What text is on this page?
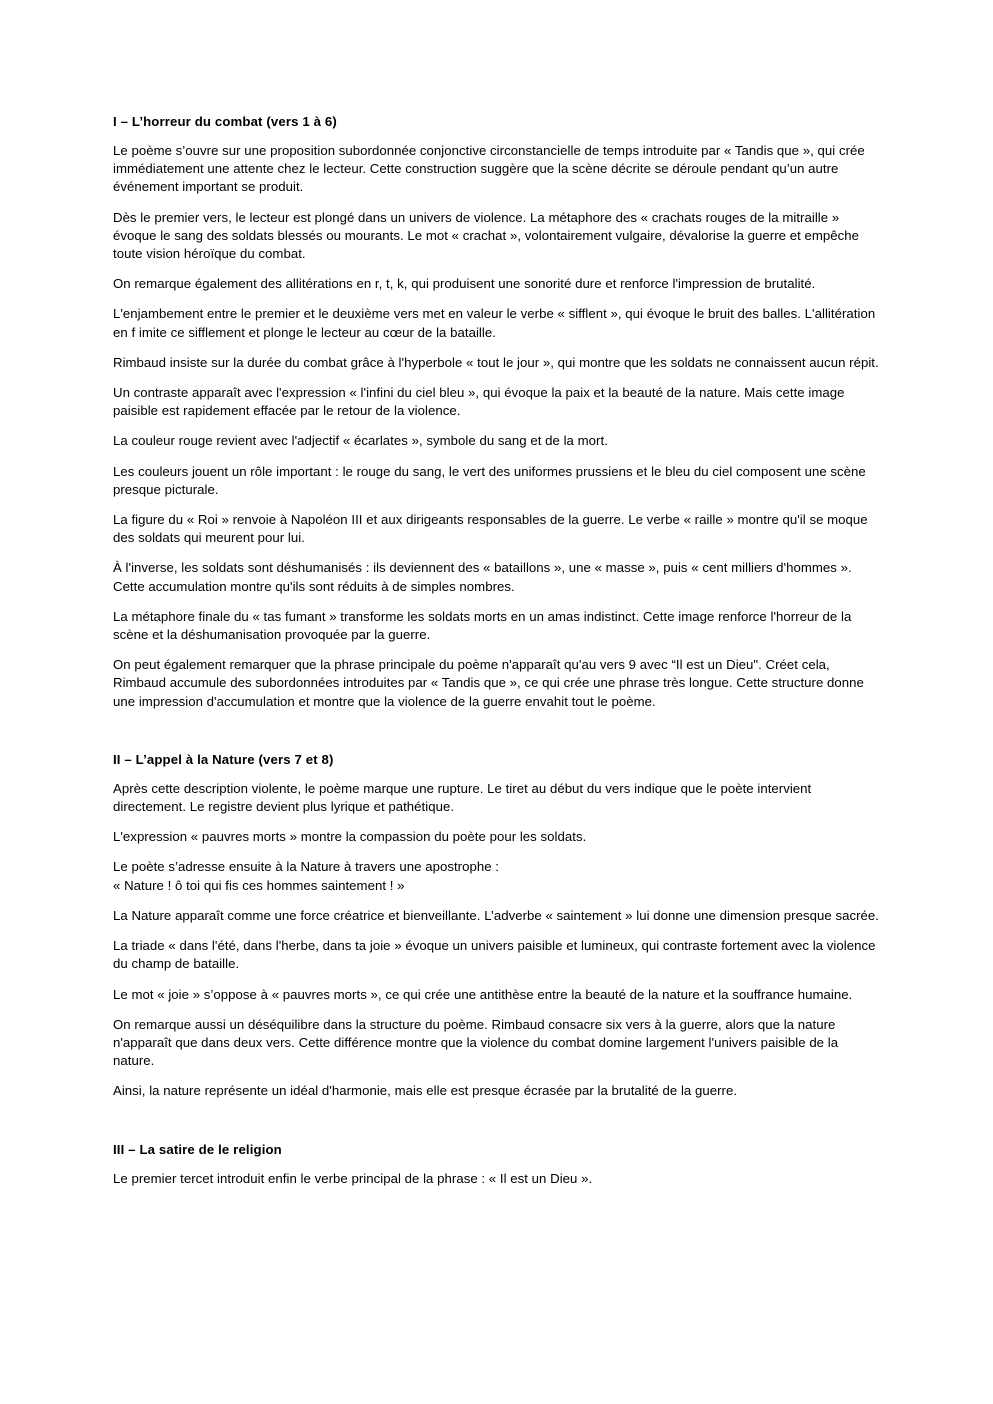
I – L’horreur du combat (vers 1 à 6)

Le poème s’ouvre sur une proposition subordonnée conjonctive circonstancielle de temps introduite par « Tandis que », qui crée immédiatement une attente chez le lecteur. Cette construction suggère que la scène décrite se déroule pendant qu’un autre événement important se produit.

Dès le premier vers, le lecteur est plongé dans un univers de violence. La métaphore des « crachats rouges de la mitraille » évoque le sang des soldats blessés ou mourants. Le mot « crachat », volontairement vulgaire, dévalorise la guerre et empêche toute vision héroïque du combat.

On remarque également des allitérations en r, t, k, qui produisent une sonorité dure et renforce l'impression de brutalité.

L'enjambement entre le premier et le deuxième vers met en valeur le verbe « sifflent », qui évoque le bruit des balles. L'allitération en f imite ce sifflement et plonge le lecteur au cœur de la bataille.

Rimbaud insiste sur la durée du combat grâce à l'hyperbole « tout le jour », qui montre que les soldats ne connaissent aucun répit.

Un contraste apparaît avec l'expression « l'infini du ciel bleu », qui évoque la paix et la beauté de la nature. Mais cette image paisible est rapidement effacée par le retour de la violence.

La couleur rouge revient avec l'adjectif « écarlates », symbole du sang et de la mort.

Les couleurs jouent un rôle important : le rouge du sang, le vert des uniformes prussiens et le bleu du ciel composent une scène presque picturale.

La figure du « Roi » renvoie à Napoléon III et aux dirigeants responsables de la guerre. Le verbe « raille » montre qu'il se moque des soldats qui meurent pour lui.

À l'inverse, les soldats sont déshumanisés : ils deviennent des « bataillons », une « masse », puis « cent milliers d'hommes ». Cette accumulation montre qu'ils sont réduits à de simples nombres.

La métaphore finale du « tas fumant » transforme les soldats morts en un amas indistinct. Cette image renforce l'horreur de la scène et la déshumanisation provoquée par la guerre.

On peut également remarquer que la phrase principale du poème n'apparaît qu'au vers 9 avec “Il est un Dieu". Créet cela, Rimbaud accumule des subordonnées introduites par « Tandis que », ce qui crée une phrase très longue. Cette structure donne une impression d'accumulation et montre que la violence de la guerre envahit tout le poème.

II – L’appel à la Nature (vers 7 et 8)

Après cette description violente, le poème marque une rupture. Le tiret au début du vers indique que le poète intervient directement. Le registre devient plus lyrique et pathétique.

L'expression « pauvres morts » montre la compassion du poète pour les soldats.

Le poète s’adresse ensuite à la Nature à travers une apostrophe :
« Nature ! ô toi qui fis ces hommes saintement ! »

La Nature apparaît comme une force créatrice et bienveillante. L’adverbe « saintement » lui donne une dimension presque sacrée.

La triade « dans l'été, dans l'herbe, dans ta joie » évoque un univers paisible et lumineux, qui contraste fortement avec la violence du champ de bataille.

Le mot « joie » s’oppose à « pauvres morts », ce qui crée une antithèse entre la beauté de la nature et la souffrance humaine.

On remarque aussi un déséquilibre dans la structure du poème. Rimbaud consacre six vers à la guerre, alors que la nature n'apparaît que dans deux vers. Cette différence montre que la violence du combat domine largement l'univers paisible de la nature.

Ainsi, la nature représente un idéal d'harmonie, mais elle est presque écrasée par la brutalité de la guerre.

III – La satire de le religion

Le premier tercet introduit enfin le verbe principal de la phrase : « Il est un Dieu ».
